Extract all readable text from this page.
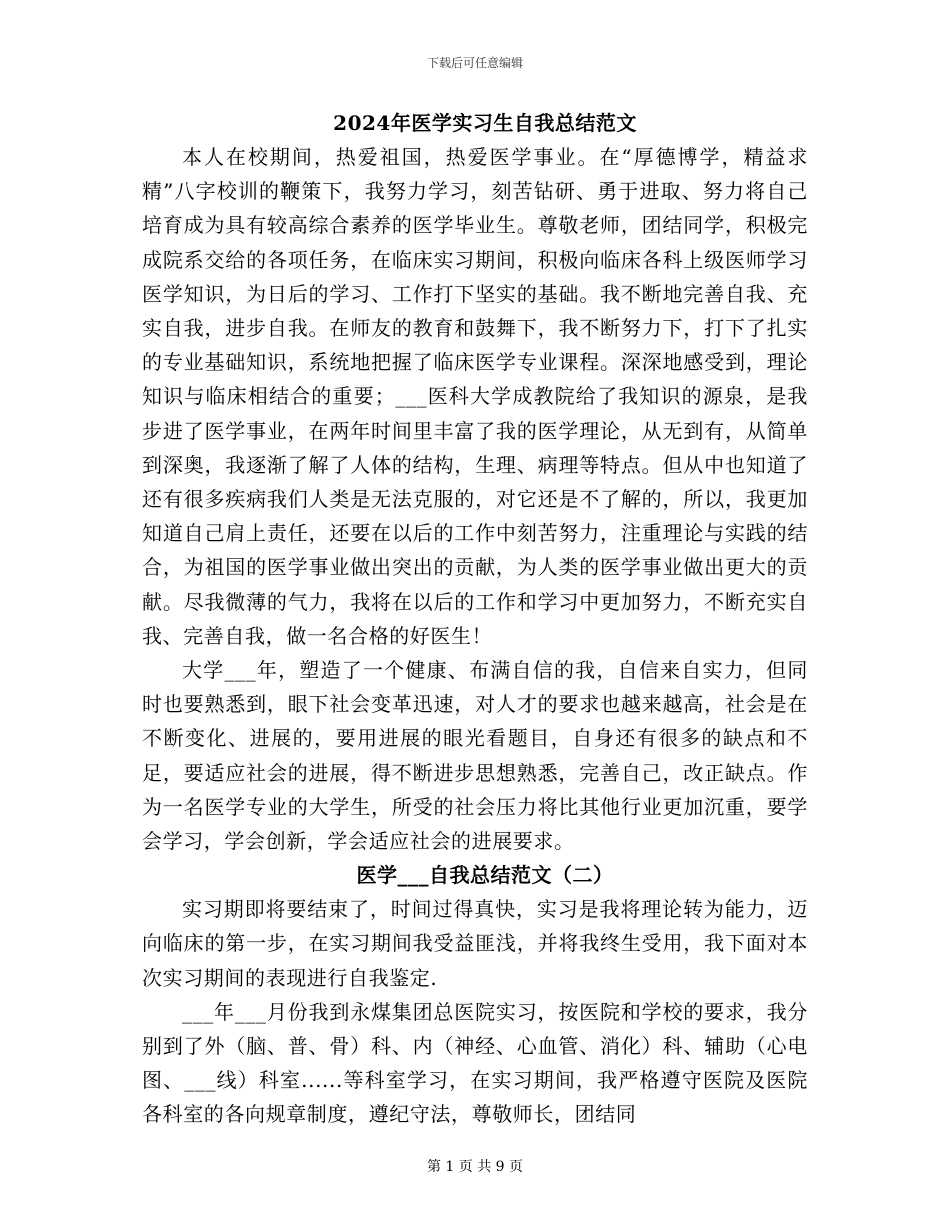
下载后可任意编辑
2024年医学实习生自我总结范文

本人在校期间，热爱祖国，热爱医学事业。在“厚德博学，精益求精”八字校训的鞭策下，我努力学习，刻苦钻研、勇于进取、努力将自己培育成为具有较高综合素养的医学毕业生。尊敬老师，团结同学，积极完成院系交给的各项任务，在临床实习期间，积极向临床各科上级医师学习医学知识，为日后的学习、工作打下坚实的基础。我不断地完善自我、充实自我，进步自我。在师友的教育和鼓舞下，我不断努力下，打下了扎实的专业基础知识，系统地把握了临床医学专业课程。深深地感受到，理论知识与临床相结合的重要；___医科大学成教院给了我知识的源泉，是我步进了医学事业，在两年时间里丰富了我的医学理论，从无到有，从简单到深奥，我逐渐了解了人体的结构，生理、病理等特点。但从中也知道了还有很多疾病我们人类是无法克服的，对它还是不了解的，所以，我更加知道自己肩上责任，还要在以后的工作中刻苦努力，注重理论与实践的结合，为祖国的医学事业做出突出的贡献，为人类的医学事业做出更大的贡献。尽我微薄的气力，我将在以后的工作和学习中更加努力，不断充实自我、完善自我，做一名合格的好医生！

大学___年，塑造了一个健康、布满自信的我，自信来自实力，但同时也要熟悉到，眼下社会变革迅速，对人才的要求也越来越高，社会是在不断变化、进展的，要用进展的眼光看题目，自身还有很多的缺点和不足，要适应社会的进展，得不断进步思想熟悉，完善自己，改正缺点。作为一名医学专业的大学生，所受的社会压力将比其他行业更加沉重，要学会学习，学会创新，学会适应社会的进展要求。

医学___自我总结范文（二）

实习期即将要结束了，时间过得真快，实习是我将理论转为能力，迈向临床的第一步，在实习期间我受益匪浅，并将我终生受用，我下面对本次实习期间的表现进行自我鉴定.

___年___月份我到永煤集团总医院实习，按医院和学校的要求，我分别到了外（脑、普、骨）科、内（神经、心血管、消化）科、辅助（心电图、___线）科室......等科室学习，在实习期间，我严格遵守医院及医院各科室的各向规章制度，遵纪守法，尊敬师长，团结同

第 1 页 共 9 页
